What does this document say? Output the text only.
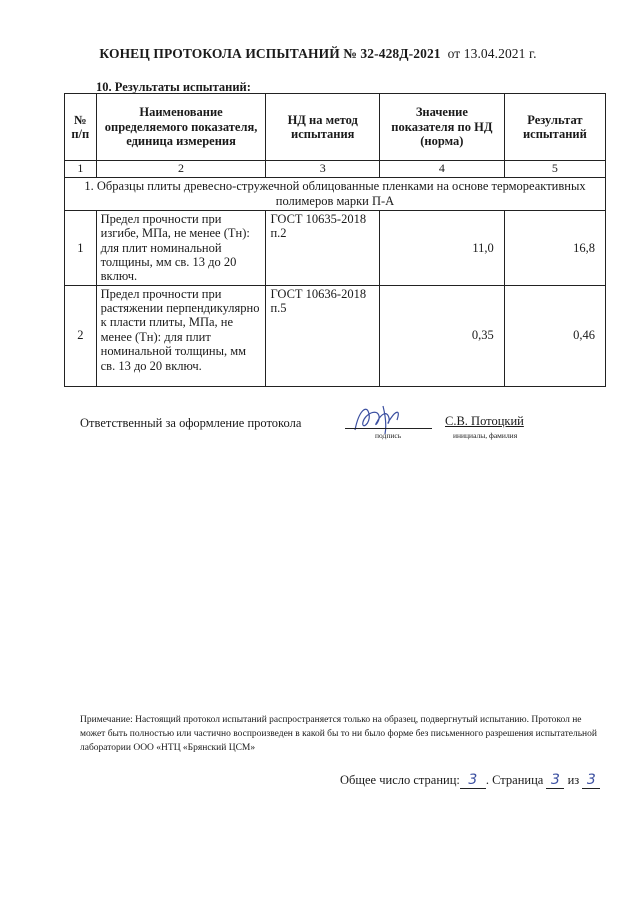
КОНЕЦ ПРОТОКОЛА ИСПЫТАНИЙ № 32-428Д-2021 от 13.04.2021 г.
10. Результаты испытаний:
№ п/п	Наименование определяемого показателя, единица измерения	НД на метод испытания	Значение показателя по НД (норма)	Результат испытаний
1	2	3	4	5
1. Образцы плиты древесно-стружечной облицованные пленками на основе термореактивных полимеров марки П-А				
1	Предел прочности при изгибе, МПа, не менее (Тн): для плит номинальной толщины, мм св. 13 до 20 включ.	ГОСТ 10635-2018 п.2	11,0	16,8
2	Предел прочности при растяжении перпендикулярно к пласти плиты, МПа, не менее (Тн): для плит номинальной толщины, мм св. 13 до 20 включ.	ГОСТ 10636-2018 п.5	0,35	0,46
Ответственный за оформление протокола
подпись
С.В. Потоцкий
инициалы, фамилия
Примечание: Настоящий протокол испытаний распространяется только на образец, подвергнутый испытанию. Протокол не может быть полностью или частично воспроизведен в какой бы то ни было форме без письменного разрешения испытательной лаборатории ООО «НТЦ «Брянский ЦСМ»
Общее число страниц: 3 . Страница 3 из 3
